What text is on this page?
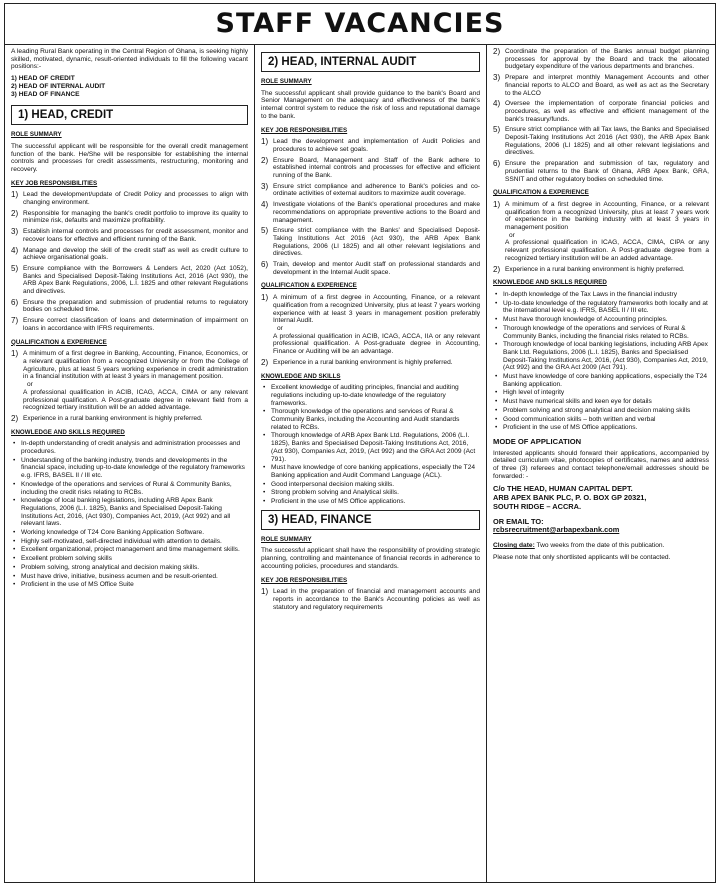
STAFF VACANCIES

A leading Rural Bank operating in the Central Region of Ghana, is seeking highly skilled, motivated, dynamic, result-oriented individuals to fill the following vacant positions:-

1) HEAD OF CREDIT
2) HEAD OF INTERNAL AUDIT
3) HEAD OF FINANCE
1) HEAD, CREDIT
ROLE SUMMARY

The successful applicant will be responsible for the overall credit management function of the bank. He/She will be responsible for establishing the internal controls and processes for credit assessments, restructuring, monitoring and recovery.

KEY JOB RESPONSIBILITIES
Lead the development/update of Credit Policy and processes to align with changing environment.
Responsible for managing the bank's credit portfolio to improve its quality to minimize risk, defaults and maximize profitability.
Establish internal controls and processes for credit assessment, monitor and recover loans for effective and efficient running of the Bank.
Manage and develop the skill of the credit staff as well as credit culture to achieve organisational goals.
Ensure compliance with the Borrowers & Lenders Act, 2020 (Act 1052), Banks and Specialised Deposit-Taking Institutions Act, 2016 (Act 930), the ARB Apex Bank Regulations, 2006, L.I. 1825 and other relevant Regulations and directives.
Ensure the preparation and submission of prudential returns to regulatory bodies on scheduled time.
Ensure correct classification of loans and determination of impairment on loans in accordance with IFRS requirements.
QUALIFICATION & EXPERIENCE
A minimum of a first degree in Banking, Accounting, Finance, Economics, or a relevant qualification from a recognized University or from the College of Agriculture, plus at least 5 years working experience in credit administration in a financial institution with at least 3 years in management position.
or
A professional qualification in ACIB, ICAG, ACCA, CIMA or any relevant professional qualification. A Post-graduate degree in relevant field from a recognized tertiary institution will be an added advantage.
Experience in a rural banking environment is highly preferred.
KNOWLEDGE AND SKILLS REQUIRED
• In-depth understanding of credit analysis and administration processes and procedures.
• Understanding of the banking industry, trends and developments in the financial space, including up-to-date knowledge of the regulatory frameworks e.g. IFRS, BASEL II / III etc.
• Knowledge of the operations and services of Rural & Community Banks, including the credit risks relating to RCBs.
• knowledge of local banking legislations, including ARB Apex Bank Regulations, 2006 (L.I. 1825), Banks and Specialised Deposit-Taking Institutions Act, 2016, (Act 930), Companies Act, 2019, (Act 992) and all relevant laws.
• Working knowledge of T24 Core Banking Application Software.
• Highly self-motivated, self-directed individual with attention to details.
• Excellent organizational, project management and time management skills.
• Excellent problem solving skills
• Problem solving, strong analytical and decision making skills.
• Must have drive, initiative, business acumen and be result-oriented.
• Proficient in the use of MS Office Suite
2) HEAD, INTERNAL AUDIT
ROLE SUMMARY

The successful applicant shall provide guidance to the bank's Board and Senior Management on the adequacy and effectiveness of the bank's internal control system to reduce the risk of loss and reputational damage to the bank.

KEY JOB RESPONSIBILITIES
Lead the development and implementation of Audit Policies and procedures to achieve set goals.
Ensure Board, Management and Staff of the Bank adhere to established internal controls and processes for effective and efficient running of the Bank.
Ensure strict compliance and adherence to Bank's policies and co-ordinate activities of external auditors to maximize audit coverage.
Investigate violations of the Bank's operational procedures and make recommendations on appropriate preventive actions to the Board and management.
Ensure strict compliance with the Banks' and Specialised Deposit-Taking Institutions Act 2016 (Act 930), the ARB Apex Bank Regulations, 2006 (LI 1825) and all other relevant legislations and directives.
Train, develop and mentor Audit staff on professional standards and development in the Internal Audit space.
QUALIFICATION & EXPERIENCE
A minimum of a first degree in Accounting, Finance, or a relevant qualification from a recognized University, plus at least 7 years working experience with at least 3 years in management position preferably Internal Audit.
or
A professional qualification in ACIB, ICAG, ACCA, IIA or any relevant professional qualification. A Post-graduate degree in Accounting, Finance or Auditing will be an advantage.
Experience in a rural banking environment is highly preferred.
KNOWLEDGE AND SKILLS
• Excellent knowledge of auditing principles, financial and auditing regulations including up-to-date knowledge of the regulatory frameworks.
• Thorough knowledge of the operations and services of Rural & Community Banks, including the Accounting and Audit standards related to RCBs.
• Thorough knowledge of ARB Apex Bank Ltd. Regulations, 2006 (L.I. 1825), Banks and Specialised Deposit-Taking Institutions Act, 2016, (Act 930), Companies Act, 2019, (Act 992) and the GRA Act 2009 (Act 791).
• Must have knowledge of core banking applications, especially the T24 Banking application and Audit Command Language (ACL).
• Good interpersonal decision making skills.
• Strong problem solving and Analytical skills.
• Proficient in the use of MS Office applications.
3) HEAD, FINANCE
ROLE SUMMARY

The successful applicant shall have the responsibility of providing strategic planning, controlling and maintenance of financial records in adherence to accounting policies, procedures and standards.

KEY JOB RESPONSIBILITIES
Lead in the preparation of financial and management accounts and reports in accordance to the Bank's Accounting policies as well as statutory and regulatory requirements
Coordinate the preparation of the Banks annual budget planning processes for approval by the Board and track the allocated budgetary expenditure of the various departments and branches.
Prepare and interpret monthly Management Accounts and other financial reports to ALCO and Board, as well as act as the Secretary to the ALCO
Oversee the implementation of corporate financial policies and procedures, as well as effective and efficient management of the bank's treasury/funds.
Ensure strict compliance with all Tax laws, the Banks and Specialised Deposit-Taking Institutions Act 2016 (Act 930), the ARB Apex Bank Regulations, 2006 (LI 1825) and all other relevant legislations and directives.
Ensure the preparation and submission of tax, regulatory and prudential returns to the Bank of Ghana, ARB Apex Bank, GRA, SSNIT and other regulatory bodies on scheduled time.
QUALIFICATION & EXPERIENCE
A minimum of a first degree in Accounting, Finance, or a relevant qualification from a recognized University, plus at least 7 years work of experience in the banking industry with at least 3 years in management position
or
A professional qualification in ICAG, ACCA, CIMA, CIPA or any relevant professional qualification. A Post-graduate degree from a recognized tertiary institution will be an added advantage.
Experience in a rural banking environment is highly preferred.
KNOWLEDGE AND SKILLS REQUIRED
• In-depth knowledge of the Tax Laws in the financial industry
• Up-to-date knowledge of the regulatory frameworks both locally and at the international level e.g. IFRS, BASEL II / III etc.
• Must have thorough knowledge of Accounting principles.
• Thorough knowledge of the operations and services of Rural & Community Banks, including the financial risks related to RCBs.
• Thorough knowledge of local banking legislations, including ARB Apex Bank Ltd. Regulations, 2006 (L.I. 1825), Banks and Specialised Deposit-Taking Institutions Act, 2016, (Act 930), Companies Act, 2019, (Act 992) and the GRA Act 2009 (Act 791).
• Must have knowledge of core banking applications, especially the T24 Banking application.
• High level of integrity
• Must have numerical skills and keen eye for details
• Problem solving and strong analytical and decision making skills
• Good communication skills – both written and verbal
• Proficient in the use of MS Office applications.
MODE OF APPLICATION

Interested applicants should forward their applications, accompanied by detailed curriculum vitae, photocopies of certificates, names and address of three (3) referees and contact telephone/email addresses should be forwarded: -

C/o THE HEAD, HUMAN CAPITAL DEPT.
ARB APEX BANK PLC, P. O. BOX GP 20321,
SOUTH RIDGE – ACCRA.
OR EMAIL TO:
rcbsrecruitment@arbapexbank.com

Closing date: Two weeks from the date of this publication.

Please note that only shortlisted applicants will be contacted.
